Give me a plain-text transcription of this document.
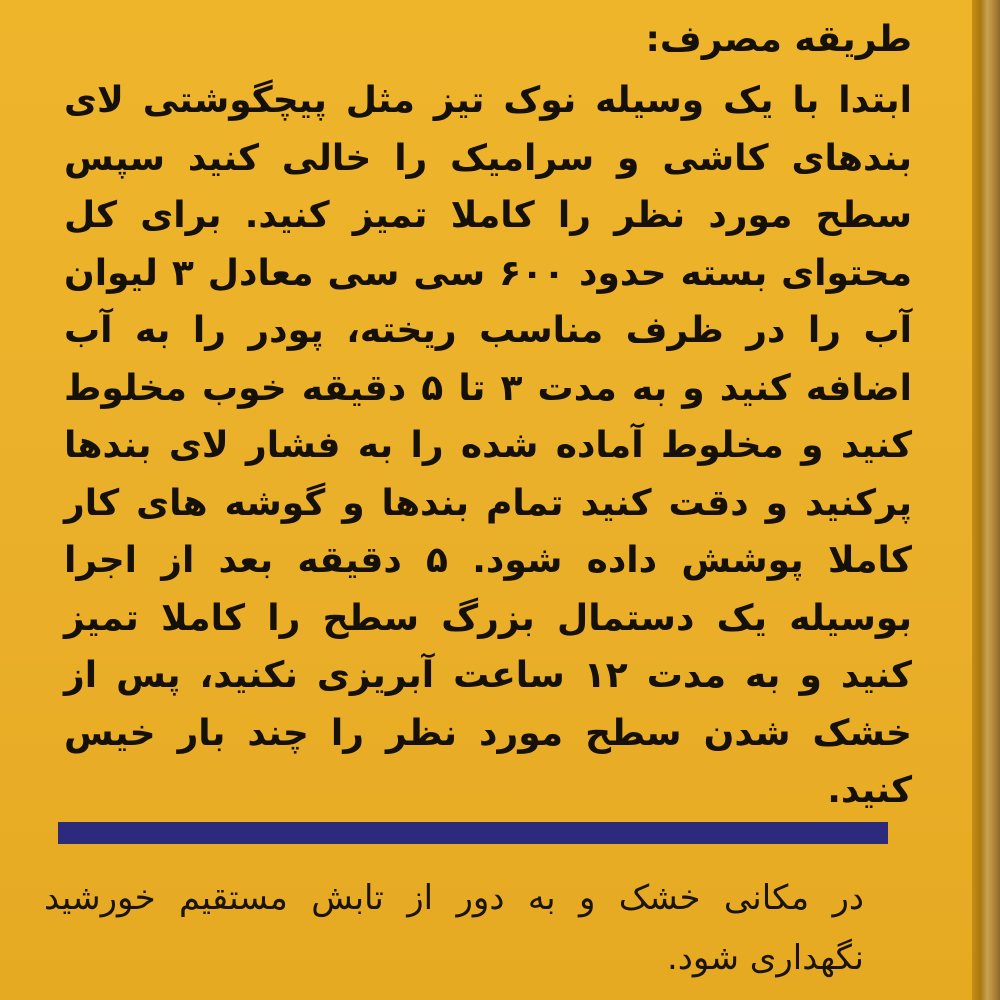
طریقه مصرف:

ابتدا با یک وسیله نوک تیز مثل پیچگوشتی لای بندهای کاشی و سرامیک را خالی کنید سپس سطح مورد نظر را کاملا تمیز کنید. برای کل محتوای بسته حدود ۶۰۰ سی سی معادل ۳ لیوان آب را در ظرف مناسب ریخته، پودر را به آب اضافه کنید و به مدت ۳ تا ۵ دقیقه خوب مخلوط کنید و مخلوط آماده شده را به فشار لای بندها پرکنید و دقت کنید تمام بندها و گوشه های کار کاملا پوشش داده شود. ۵ دقیقه بعد از اجرا بوسیله یک دستمال بزرگ سطح را کاملا تمیز کنید و به مدت ۱۲ ساعت آبریزی نکنید، پس از خشک شدن سطح مورد نظر را چند بار خیس کنید.

در مکانی خشک و به دور از تابش مستقیم خورشید نگهداری شود.
